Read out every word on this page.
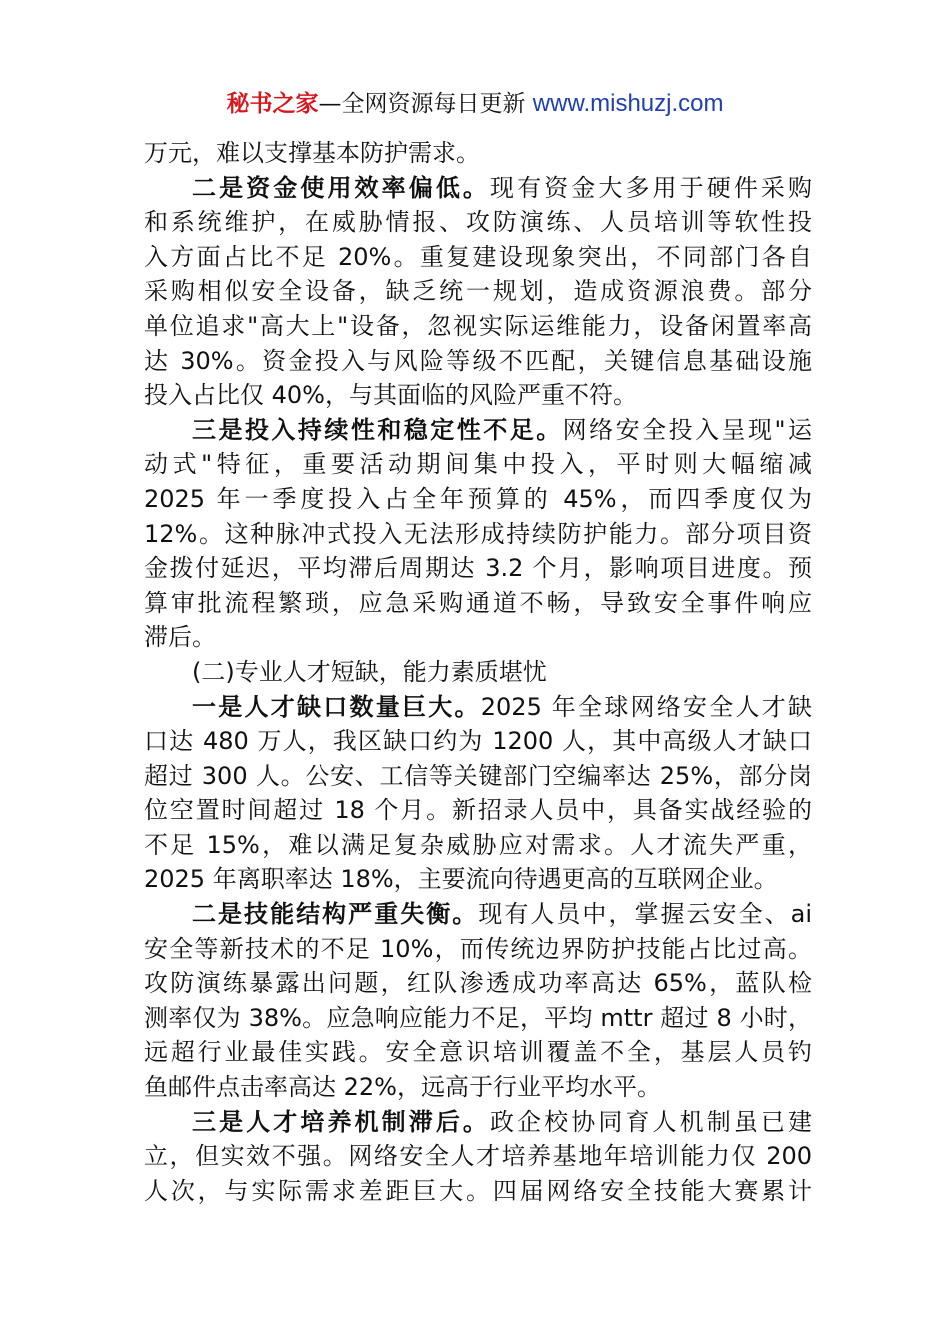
秘书之家—全网资源每日更新 www.mishuzj.com
万元，难以支撑基本防护需求。
二是资金使用效率偏低。现有资金大多用于硬件采购
和系统维护，在威胁情报、攻防演练、人员培训等软性投
入方面占比不足 20%。重复建设现象突出，不同部门各自
采购相似安全设备，缺乏统一规划，造成资源浪费。部分
单位追求"高大上"设备，忽视实际运维能力，设备闲置率高
达 30%。资金投入与风险等级不匹配，关键信息基础设施
投入占比仅 40%，与其面临的风险严重不符。
三是投入持续性和稳定性不足。网络安全投入呈现"运
动式"特征，重要活动期间集中投入，平时则大幅缩减
2025 年一季度投入占全年预算的 45%，而四季度仅为
12%。这种脉冲式投入无法形成持续防护能力。部分项目资
金拨付延迟，平均滞后周期达 3.2 个月，影响项目进度。预
算审批流程繁琐，应急采购通道不畅，导致安全事件响应
滞后。
(二)专业人才短缺，能力素质堪忧
一是人才缺口数量巨大。2025 年全球网络安全人才缺
口达 480 万人，我区缺口约为 1200 人，其中高级人才缺口
超过 300 人。公安、工信等关键部门空编率达 25%，部分岗
位空置时间超过 18 个月。新招录人员中，具备实战经验的
不足 15%，难以满足复杂威胁应对需求。人才流失严重，
2025 年离职率达 18%，主要流向待遇更高的互联网企业。
二是技能结构严重失衡。现有人员中，掌握云安全、ai
安全等新技术的不足 10%，而传统边界防护技能占比过高。
攻防演练暴露出问题，红队渗透成功率高达 65%，蓝队检
测率仅为 38%。应急响应能力不足，平均 mttr 超过 8 小时，
远超行业最佳实践。安全意识培训覆盖不全，基层人员钓
鱼邮件点击率高达 22%，远高于行业平均水平。
三是人才培养机制滞后。政企校协同育人机制虽已建
立，但实效不强。网络安全人才培养基地年培训能力仅 200
人次，与实际需求差距巨大。四届网络安全技能大赛累计
